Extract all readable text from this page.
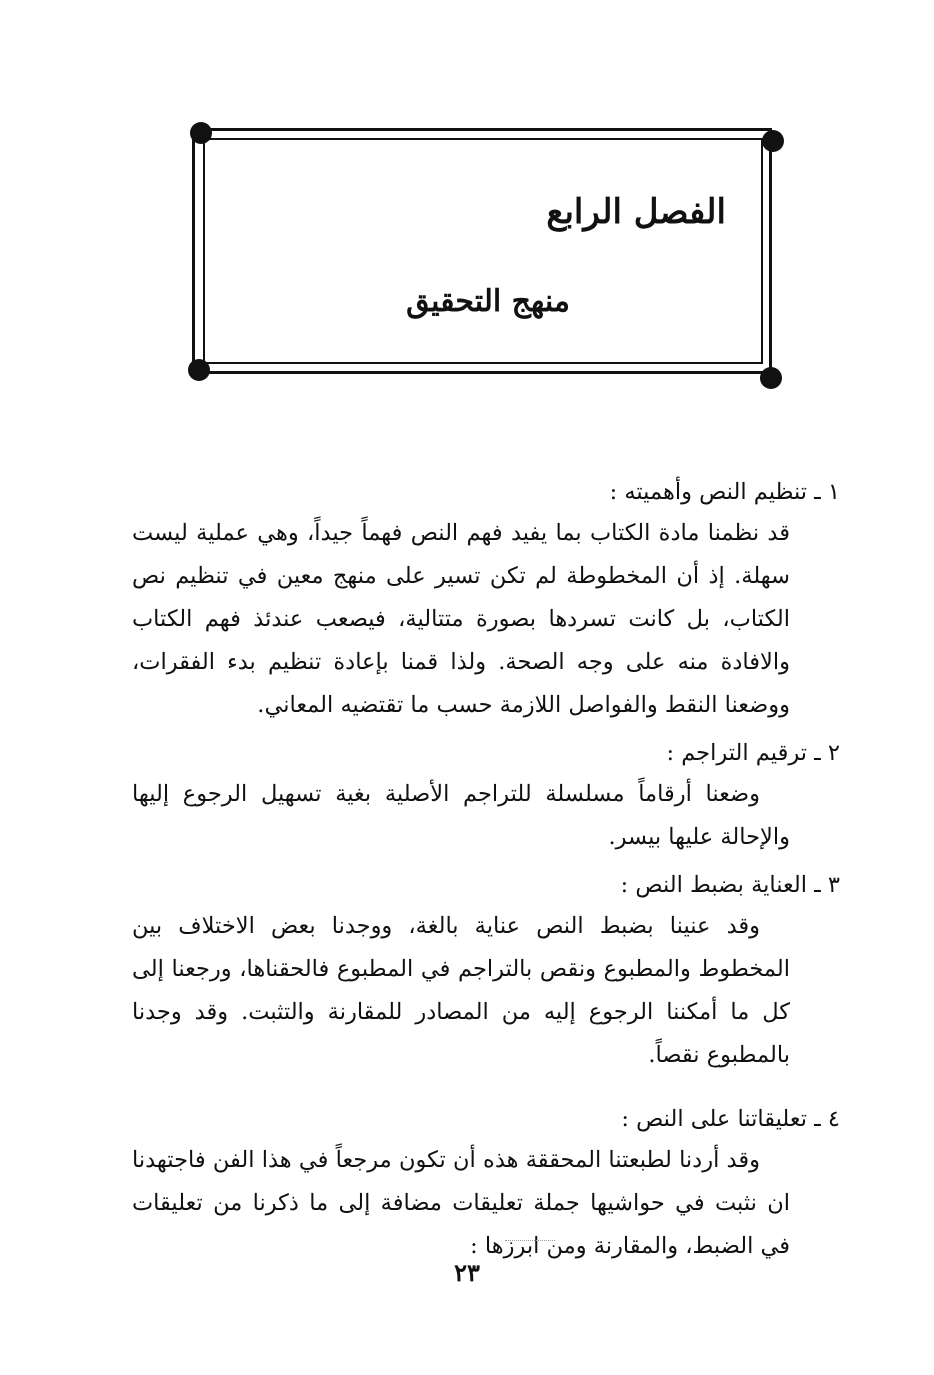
الفصل الرابع
منهج التحقيق
١ ـ تنظيم النص وأهميته :

قد نظمنا مادة الكتاب بما يفيد فهم النص فهماً جيداً، وهي عملية ليست سهلة. إذ أن المخطوطة لم تكن تسير على منهج معين في تنظيم نص الكتاب، بل كانت تسردها بصورة متتالية، فيصعب عندئذ فهم الكتاب والافادة منه على وجه الصحة. ولذا قمنا بإعادة تنظيم بدء الفقرات، ووضعنا النقط والفواصل اللازمة حسب ما تقتضيه المعاني.

٢ ـ ترقيم التراجم :

وضعنا أرقاماً مسلسلة للتراجم الأصلية بغية تسهيل الرجوع إليها والإحالة عليها بيسر.

٣ ـ العناية بضبط النص :

وقد عنينا بضبط النص عناية بالغة، ووجدنا بعض الاختلاف بين المخطوط والمطبوع ونقص بالتراجم في المطبوع فالحقناها، ورجعنا إلى كل ما أمكننا الرجوع إليه من المصادر للمقارنة والتثبت. وقد وجدنا بالمطبوع نقصاً.

٤ ـ تعليقاتنا على النص :

وقد أردنا لطبعتنا المحققة هذه أن تكون مرجعاً في هذا الفن فاجتهدنا ان نثبت في حواشيها جملة تعليقات مضافة إلى ما ذكرنا من تعليقات في الضبط، والمقارنة ومن ابرزها :

٢٣
